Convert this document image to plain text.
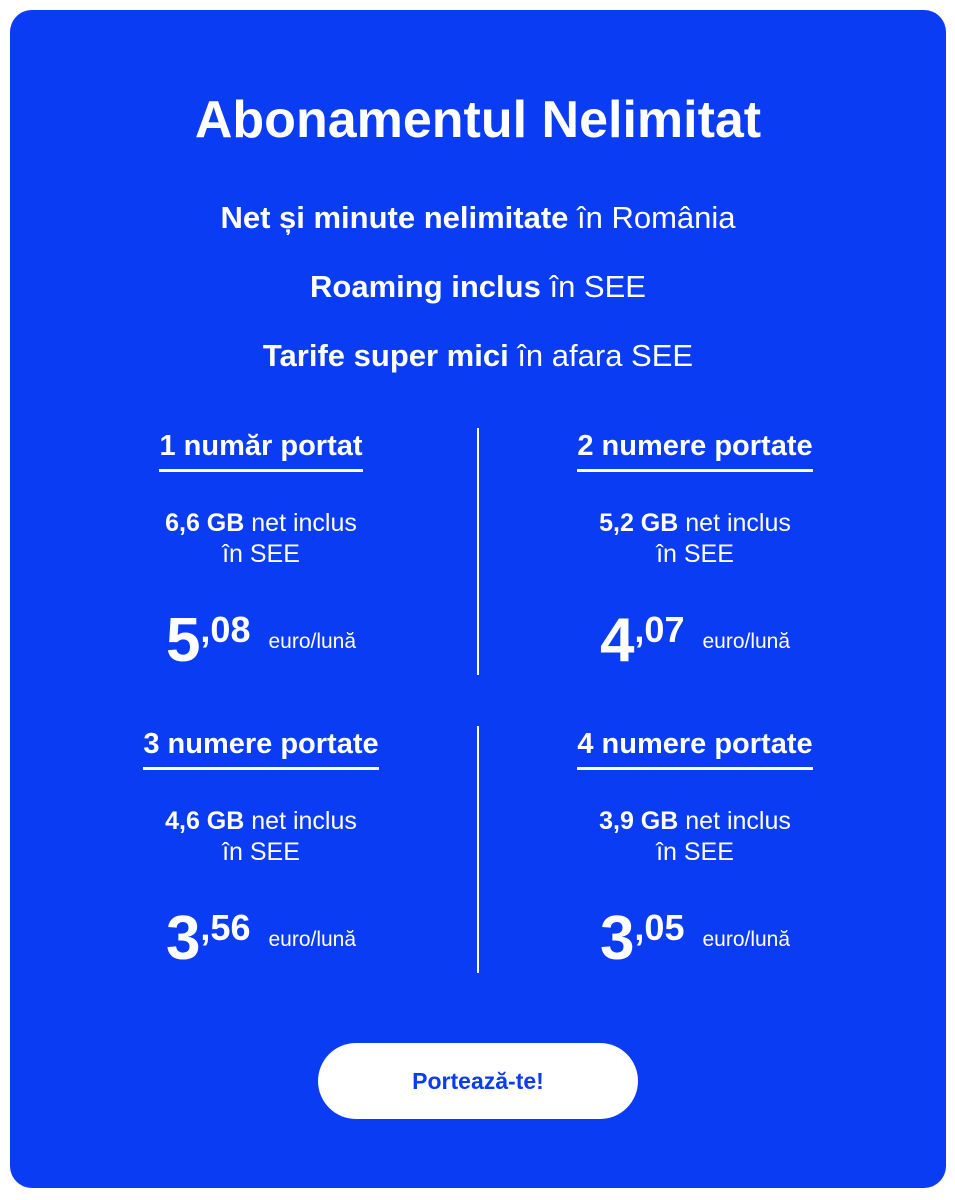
Abonamentul Nelimitat
Net și minute nelimitate în România
Roaming inclus în SEE
Tarife super mici în afara SEE
1 număr portat
6,6 GB net inclus
în SEE
5 ,08 euro/lună
2 numere portate
5,2 GB net inclus
în SEE
4 ,07 euro/lună
3 numere portate
4,6 GB net inclus
în SEE
3 ,56 euro/lună
4 numere portate
3,9 GB net inclus
în SEE
3 ,05 euro/lună
Portează-te!
